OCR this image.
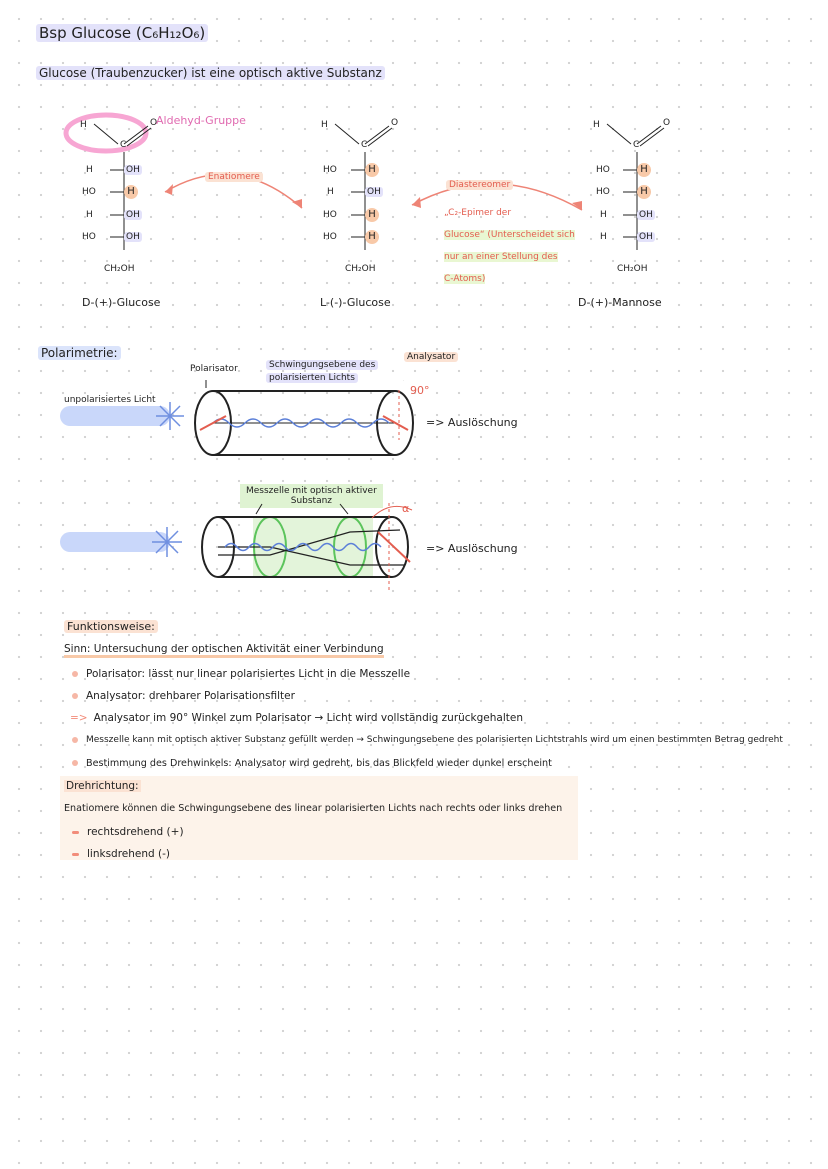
Bsp Glucose (C₆H₁₂O₆)
Glucose (Traubenzucker) ist eine optisch aktive Substanz
H
C
O
H	OH
HO	H
H	OH
HO	OH
CH₂OH
D-(+)-Glucose
H
C
O
HO	H
H	OH
HO	H
HO	H
CH₂OH
L-(-)-Glucose
H
C
O
HO	H
HO	H
H	OH
H	OH
CH₂OH
D-(+)-Mannose
Aldehyd-Gruppe
Enatiomere
Diastereomer
„C₂-Epimer der
Glucose“ (Unterscheidet sich
nur an einer Stellung des
C-Atoms)
Polarimetrie:
Polarisator	Schwingungsebene des
polarisierten Lichts
Analysator
90°
unpolarisiertes Licht
=> Auslöschung
Messzelle mit optisch aktiver
Substanz
α
=> Auslöschung
Funktionsweise:
Sinn: Untersuchung der optischen Aktivität einer Verbindung
Polarisator: lässt nur linear polarisiertes Licht in die Messzelle
Analysator: drehbarer Polarisationsfilter
=> Analysator im 90° Winkel zum Polarisator → Licht wird vollständig zurückgehalten
Messzelle kann mit optisch aktiver Substanz gefüllt werden → Schwingungsebene des polarisierten Lichtstrahls wird um einen bestimmten Betrag gedreht
Bestimmung des Drehwinkels: Analysator wird gedreht, bis das Blickfeld wieder dunkel erscheint
Drehrichtung:
Enatiomere können die Schwingungsebene des linear polarisierten Lichts nach rechts oder links drehen
rechtsdrehend (+)
linksdrehend (-)
